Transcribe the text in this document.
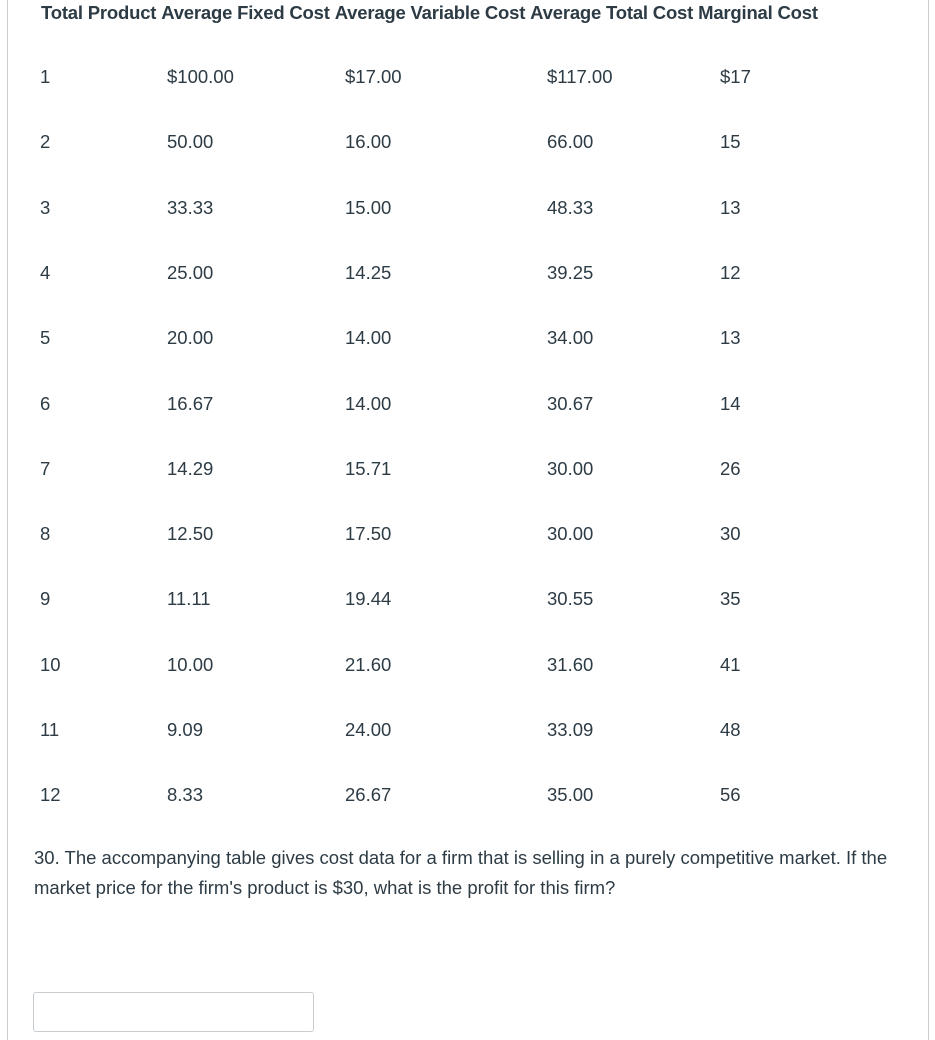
Total Product Average Fixed Cost Average Variable Cost Average Total Cost Marginal Cost
1	$100.00	$17.00	$117.00	$17
2	50.00	16.00	66.00	15
3	33.33	15.00	48.33	13
4	25.00	14.25	39.25	12
5	20.00	14.00	34.00	13
6	16.67	14.00	30.67	14
7	14.29	15.71	30.00	26
8	12.50	17.50	30.00	30
9	11.11	19.44	30.55	35
10	10.00	21.60	31.60	41
11	9.09	24.00	33.09	48
12	8.33	26.67	35.00	56
30. The accompanying table gives cost data for a firm that is selling in a purely competitive market. If the market price for the firm's product is $30, what is the profit for this firm?
